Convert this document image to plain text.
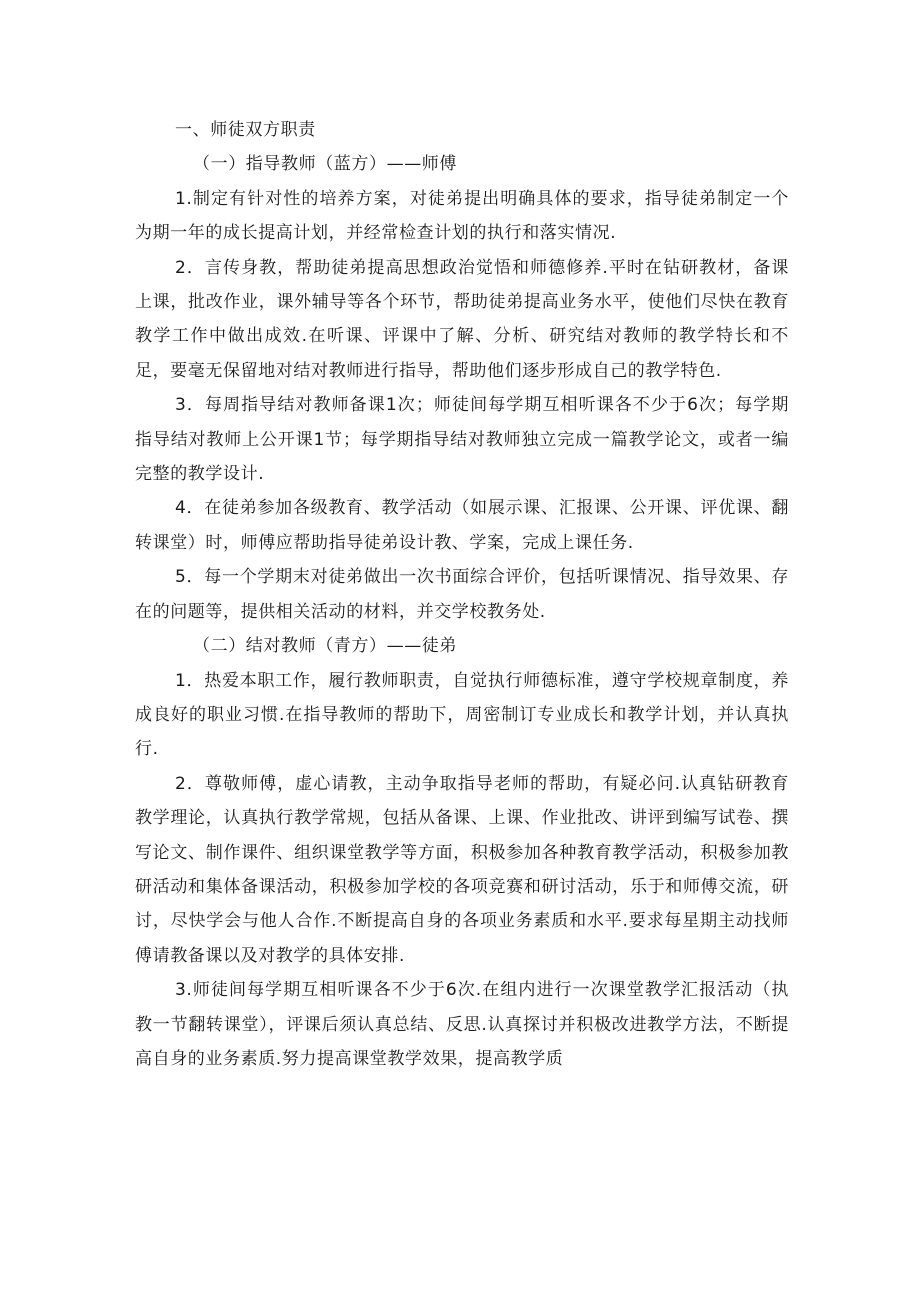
一、师徒双方职责

（一）指导教师（蓝方）——师傅

1.制定有针对性的培养方案，对徒弟提出明确具体的要求，指导徒弟制定一个为期一年的成长提高计划，并经常检查计划的执行和落实情况.

2．言传身教，帮助徒弟提高思想政治觉悟和师德修养.平时在钻研教材，备课上课，批改作业，课外辅导等各个环节，帮助徒弟提高业务水平，使他们尽快在教育教学工作中做出成效.在听课、评课中了解、分析、研究结对教师的教学特长和不足，要毫无保留地对结对教师进行指导，帮助他们逐步形成自己的教学特色.

3．每周指导结对教师备课1次；师徒间每学期互相听课各不少于6次；每学期指导结对教师上公开课1节；每学期指导结对教师独立完成一篇教学论文，或者一编完整的教学设计.

4．在徒弟参加各级教育、教学活动（如展示课、汇报课、公开课、评优课、翻转课堂）时，师傅应帮助指导徒弟设计教、学案，完成上课任务.

5．每一个学期末对徒弟做出一次书面综合评价，包括听课情况、指导效果、存在的问题等，提供相关活动的材料，并交学校教务处.

（二）结对教师（青方）——徒弟

1．热爱本职工作，履行教师职责，自觉执行师德标准，遵守学校规章制度，养成良好的职业习惯.在指导教师的帮助下，周密制订专业成长和教学计划，并认真执行.

2．尊敬师傅，虚心请教，主动争取指导老师的帮助，有疑必问.认真钻研教育教学理论，认真执行教学常规，包括从备课、上课、作业批改、讲评到编写试卷、撰写论文、制作课件、组织课堂教学等方面，积极参加各种教育教学活动，积极参加教研活动和集体备课活动，积极参加学校的各项竞赛和研讨活动，乐于和师傅交流，研讨，尽快学会与他人合作.不断提高自身的各项业务素质和水平.要求每星期主动找师傅请教备课以及对教学的具体安排.

3.师徒间每学期互相听课各不少于6次.在组内进行一次课堂教学汇报活动（执教一节翻转课堂），评课后须认真总结、反思.认真探讨并积极改进教学方法，不断提高自身的业务素质.努力提高课堂教学效果，提高教学质
